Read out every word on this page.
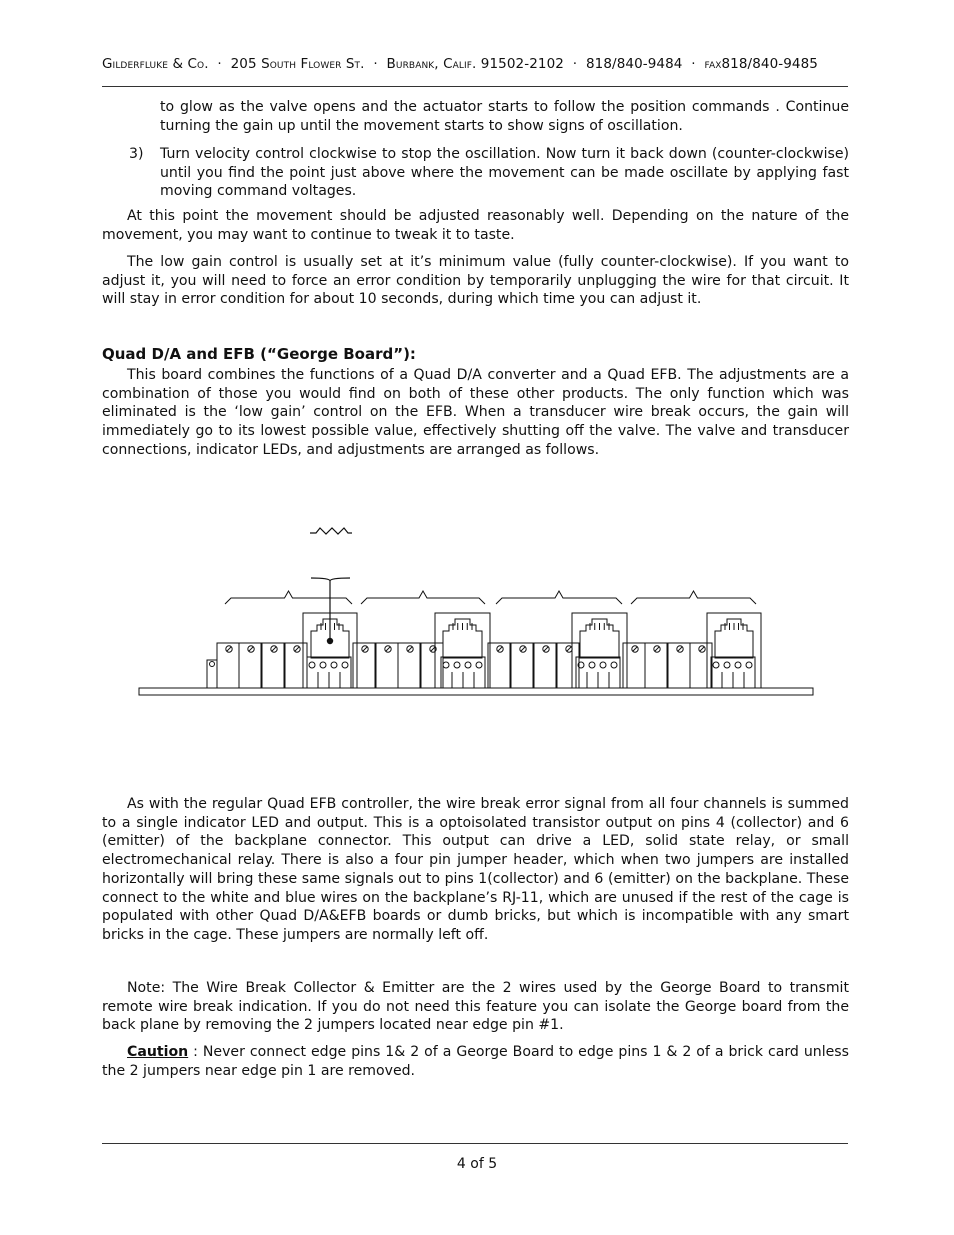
Gilderfluke & Co. · 205 South Flower St. · Burbank, Calif. 91502-2102 · 818/840-9484 · fax818/840-9485
to glow as the valve opens and the actuator starts to follow the position commands . Continue turning the gain up until the movement starts to show signs of oscillation.
3) Turn velocity control clockwise to stop the oscillation. Now turn it back down (counter-clockwise) until you find the point just above where the movement can be made oscillate by applying fast moving command voltages.
At this point the movement should be adjusted reasonably well. Depending on the nature of the movement, you may want to continue to tweak it to taste.
The low gain control is usually set at it’s minimum value (fully counter-clockwise). If you want to adjust it, you will need to force an error condition by temporarily unplugging the wire for that circuit. It will stay in error condition for about 10 seconds, during which time you can adjust it.
Quad D/A and EFB (“George Board”):
This board combines the functions of a Quad D/A converter and a Quad EFB. The adjustments are a combination of those you would find on both of these other products. The only function which was eliminated is the ‘low gain’ control on the EFB. When a transducer wire break occurs, the gain will immediately go to its lowest possible value, effectively shutting off the valve. The valve and transducer connections, indicator LEDs, and adjustments are arranged as follows.
As with the regular Quad EFB controller, the wire break error signal from all four channels is summed to a single indicator LED and output. This is a optoisolated transistor output on pins 4 (collector) and 6 (emitter) of the backplane connector. This output can drive a LED, solid state relay, or small electromechanical relay. There is also a four pin jumper header, which when two jumpers are installed horizontally will bring these same signals out to pins 1(collector) and 6 (emitter) on the backplane. These connect to the white and blue wires on the backplane’s RJ-11, which are unused if the rest of the cage is populated with other Quad D/A&EFB boards or dumb bricks, but which is incompatible with any smart bricks in the cage. These jumpers are normally left off.
Note: The Wire Break Collector & Emitter are the 2 wires used by the George Board to transmit remote wire break indication. If you do not need this feature you can isolate the George board from the back plane by removing the 2 jumpers located near edge pin #1.
Caution : Never connect edge pins 1& 2 of a George Board to edge pins 1 & 2 of a brick card unless the 2 jumpers near edge pin 1 are removed.
4 of 5
